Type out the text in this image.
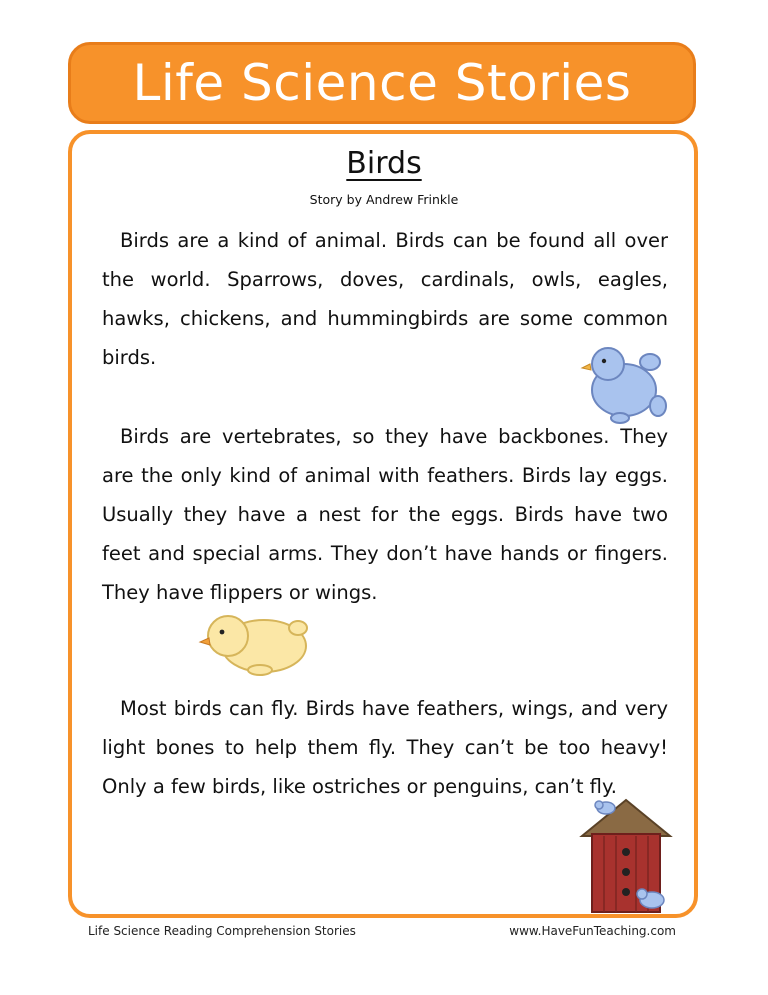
Life Science Stories
Birds
Story by Andrew Frinkle

Birds are a kind of animal. Birds can be found all over the world. Sparrows, doves, cardinals, owls, eagles, hawks, chickens, and hummingbirds are some common birds.

Birds are vertebrates, so they have backbones. They are the only kind of animal with feathers. Birds lay eggs. Usually they have a nest for the eggs. Birds have two feet and special arms. They don’t have hands or fingers. They have flippers or wings.

Most birds can fly. Birds have feathers, wings, and very light bones to help them fly. They can’t be too heavy! Only a few birds, like ostriches or penguins, can’t fly.

Life Science Reading Comprehension Stories	www.HaveFunTeaching.com
